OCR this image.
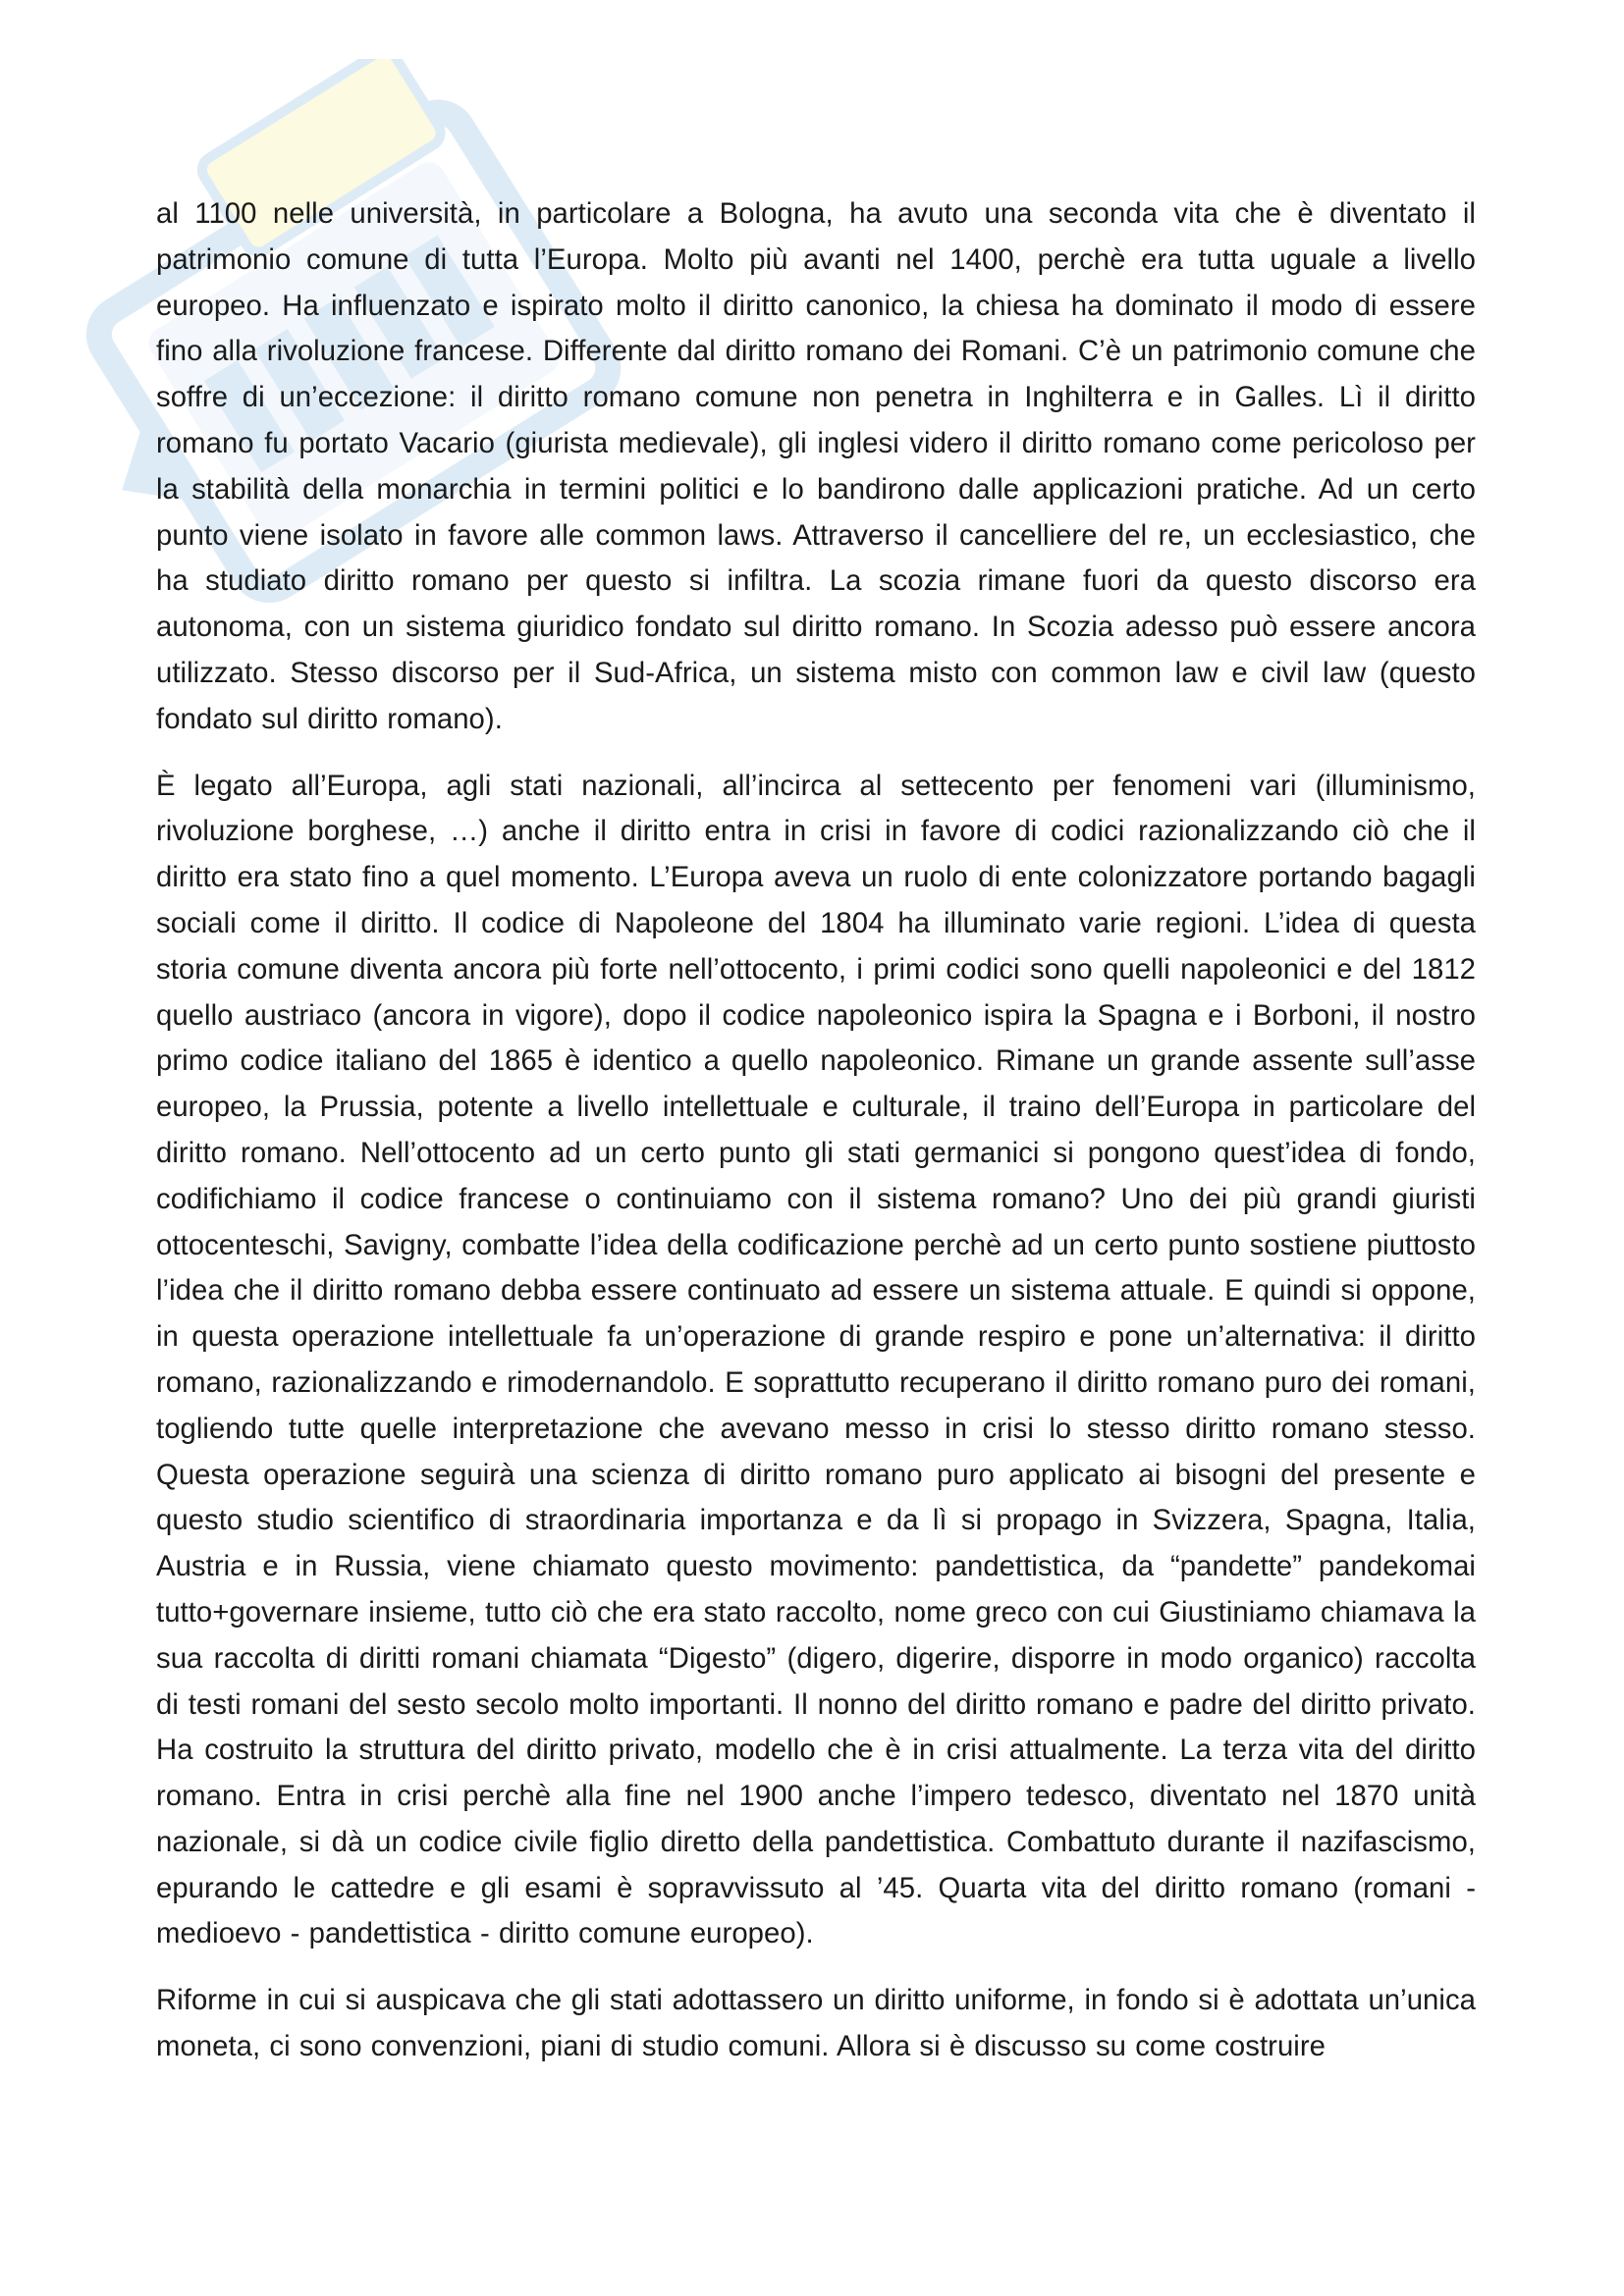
al 1100 nelle università, in particolare a Bologna, ha avuto una seconda vita che è diventato il patrimonio comune di tutta l’Europa. Molto più avanti nel 1400, perchè era tutta uguale a livello europeo. Ha influenzato e ispirato molto il diritto canonico, la chiesa ha dominato il modo di essere fino alla rivoluzione francese. Differente dal diritto romano dei Romani. C’è un patrimonio comune che soffre di un’eccezione: il diritto romano comune non penetra in Inghilterra e in Galles. Lì il diritto romano fu portato Vacario (giurista medievale), gli inglesi videro il diritto romano come pericoloso per la stabilità della monarchia in termini politici e lo bandirono dalle applicazioni pratiche. Ad un certo punto viene isolato in favore alle common laws. Attraverso il cancelliere del re, un ecclesiastico, che ha studiato diritto romano per questo si infiltra. La scozia rimane fuori da questo discorso era autonoma, con un sistema giuridico fondato sul diritto romano. In Scozia adesso può essere ancora utilizzato. Stesso discorso per il Sud-Africa, un sistema misto con common law e civil law (questo fondato sul diritto romano).

È legato all’Europa, agli stati nazionali, all’incirca al settecento per fenomeni vari (illuminismo, rivoluzione borghese, …) anche il diritto entra in crisi in favore di codici razionalizzando ciò che il diritto era stato fino a quel momento. L’Europa aveva un ruolo di ente colonizzatore portando bagagli sociali come il diritto. Il codice di Napoleone del 1804 ha illuminato varie regioni. L’idea di questa storia comune diventa ancora più forte nell’ottocento, i primi codici sono quelli napoleonici e del 1812 quello austriaco (ancora in vigore), dopo il codice napoleonico ispira la Spagna e i Borboni, il nostro primo codice italiano del 1865 è identico a quello napoleonico. Rimane un grande assente sull’asse europeo, la Prussia, potente a livello intellettuale e culturale, il traino dell’Europa in particolare del diritto romano. Nell’ottocento ad un certo punto gli stati germanici si pongono quest’idea di fondo, codifichiamo il codice francese o continuiamo con il sistema romano? Uno dei più grandi giuristi ottocenteschi, Savigny, combatte l’idea della codificazione perchè ad un certo punto sostiene piuttosto l’idea che il diritto romano debba essere continuato ad essere un sistema attuale. E quindi si oppone, in questa operazione intellettuale fa un’operazione di grande respiro e pone un’alternativa: il diritto romano, razionalizzando e rimodernandolo. E soprattutto recuperano il diritto romano puro dei romani, togliendo tutte quelle interpretazione che avevano messo in crisi lo stesso diritto romano stesso. Questa operazione seguirà una scienza di diritto romano puro applicato ai bisogni del presente e questo studio scientifico di straordinaria importanza e da lì si propago in Svizzera, Spagna, Italia, Austria e in Russia, viene chiamato questo movimento: pandettistica, da “pandette” pandekomai tutto+governare insieme, tutto ciò che era stato raccolto, nome greco con cui Giustiniamo chiamava la sua raccolta di diritti romani chiamata “Digesto” (digero, digerire, disporre in modo organico) raccolta di testi romani del sesto secolo molto importanti. Il nonno del diritto romano e padre del diritto privato. Ha costruito la struttura del diritto privato, modello che è in crisi attualmente. La terza vita del diritto romano. Entra in crisi perchè alla fine nel 1900 anche l’impero tedesco, diventato nel 1870 unità nazionale, si dà un codice civile figlio diretto della pandettistica. Combattuto durante il nazifascismo, epurando le cattedre e gli esami è sopravvissuto al ’45. Quarta vita del diritto romano (romani - medioevo - pandettistica - diritto comune europeo).

Riforme in cui si auspicava che gli stati adottassero un diritto uniforme, in fondo si è adottata un’unica moneta, ci sono convenzioni, piani di studio comuni. Allora si è discusso su come costruire
